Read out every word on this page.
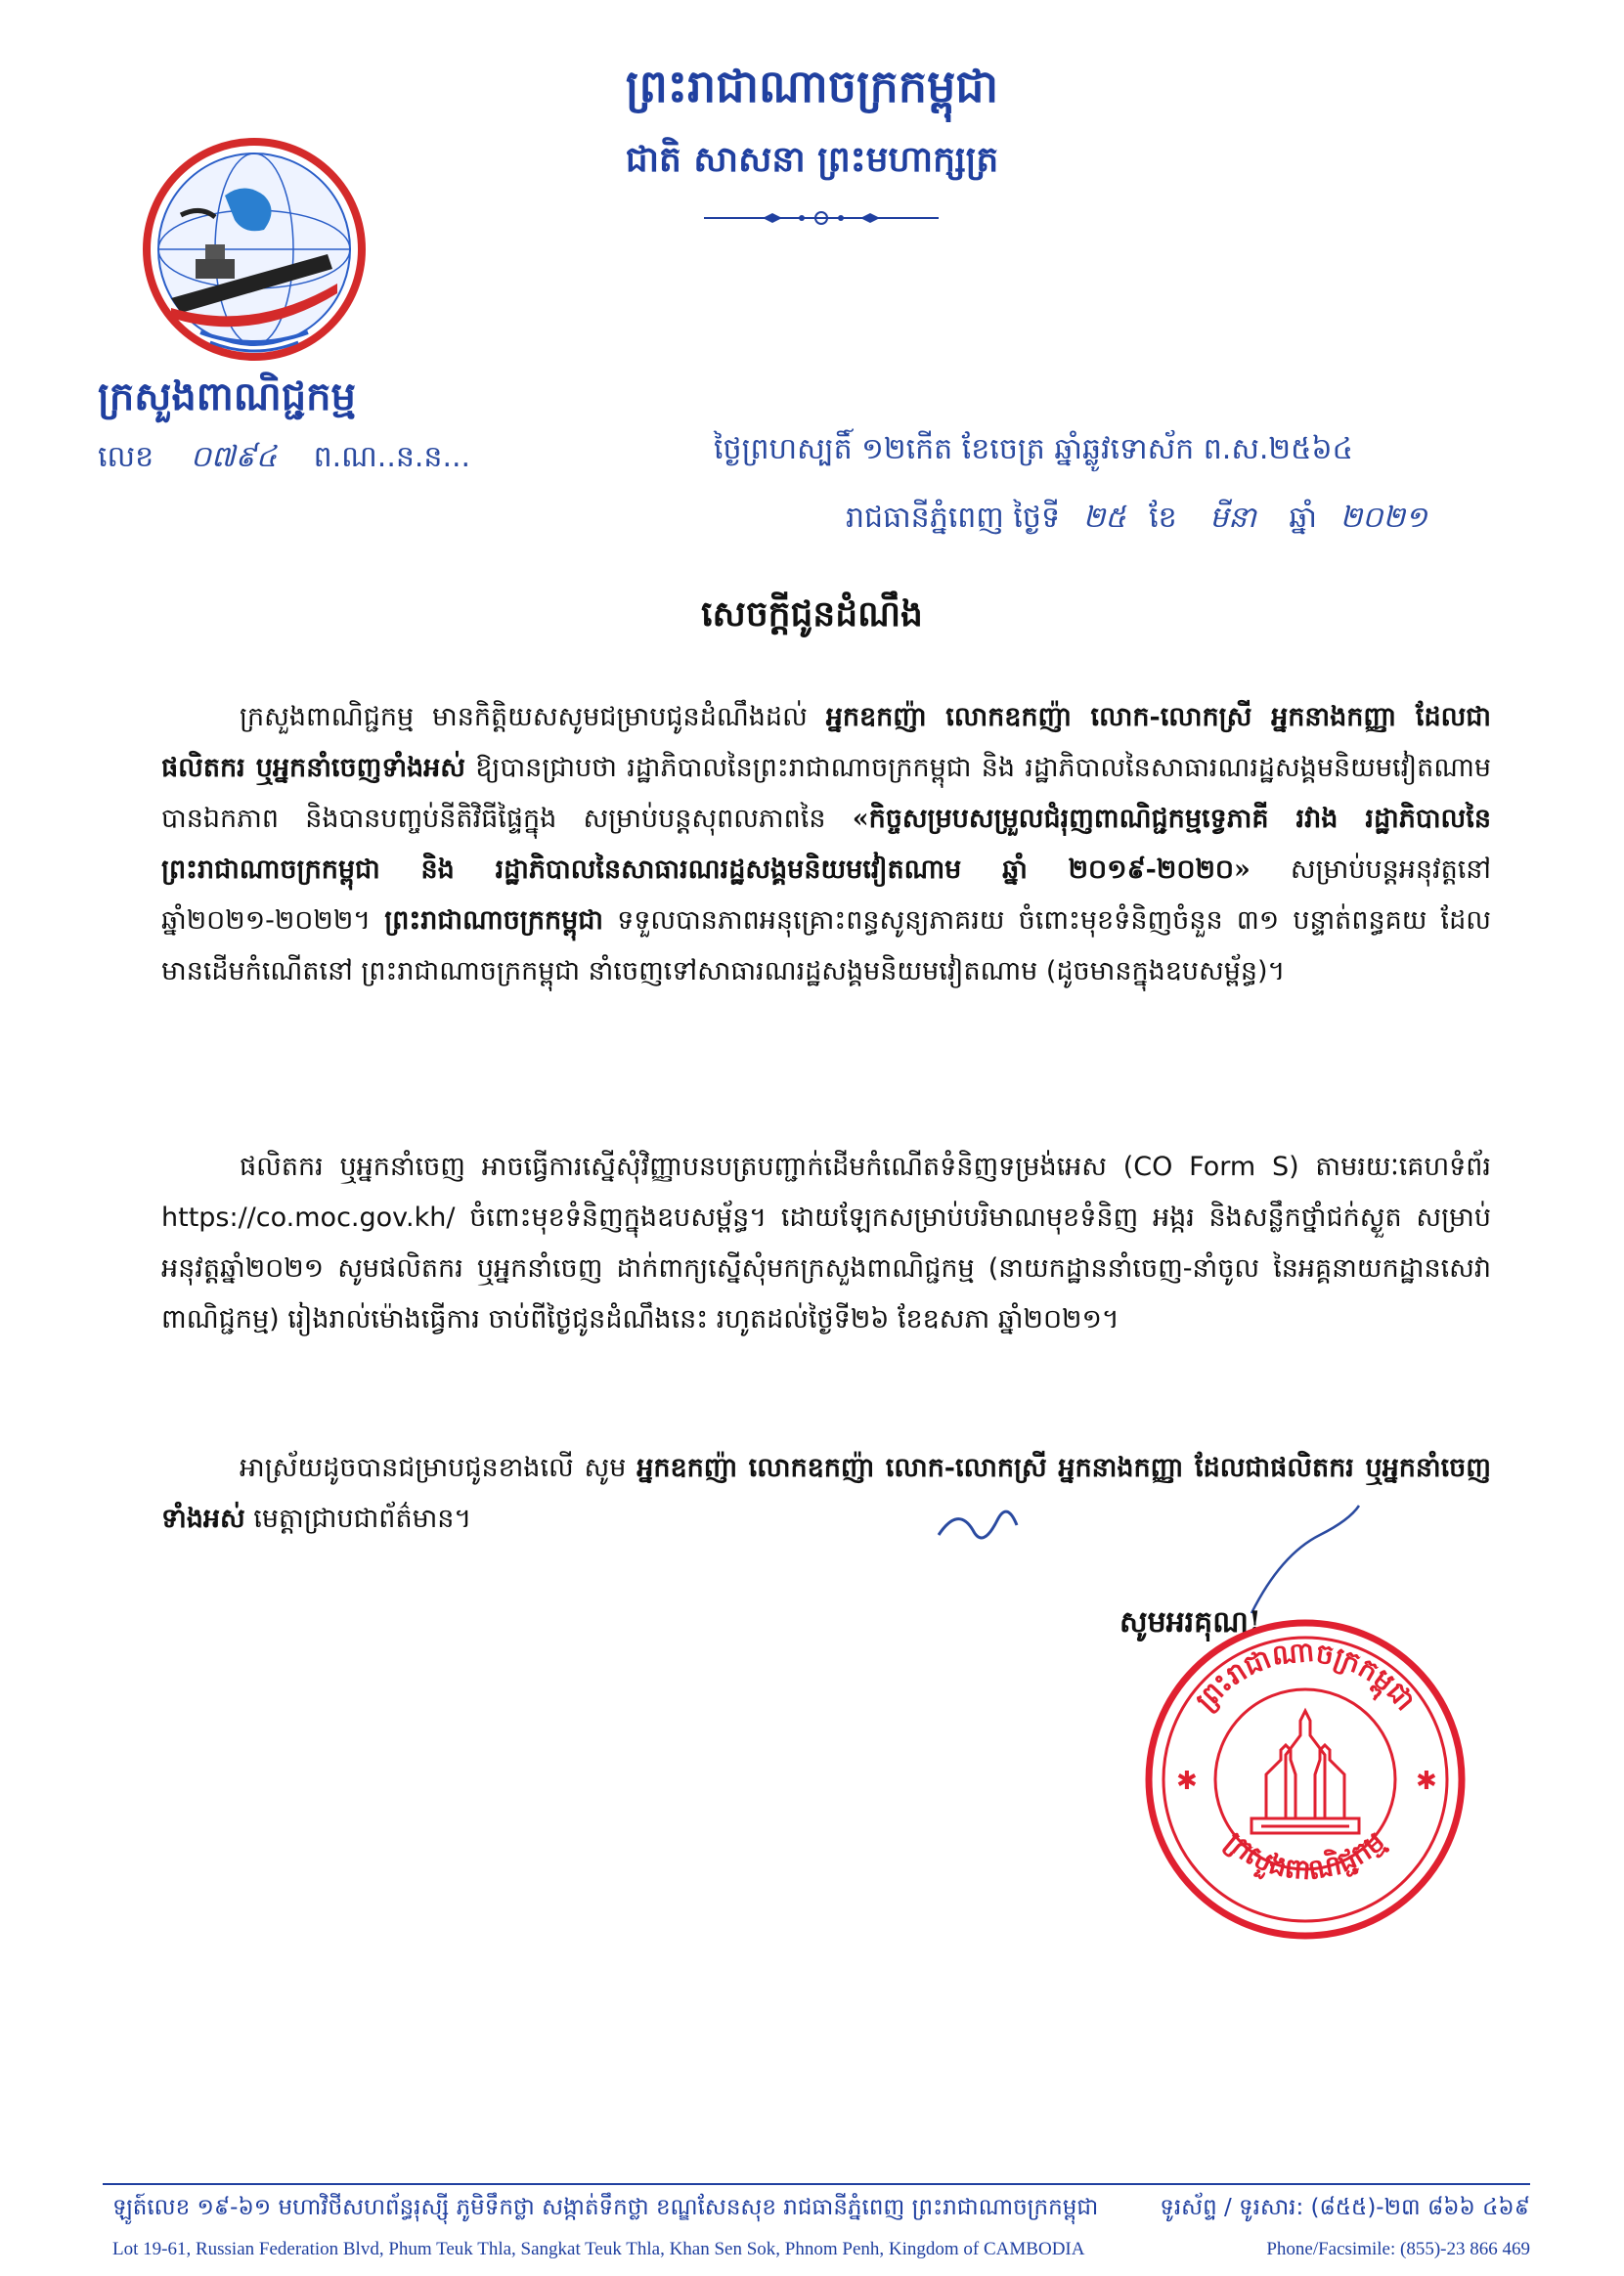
ព្រះរាជាណាចក្រកម្ពុជា
ជាតិ សាសនា ព្រះមហាក្សត្រ
ក្រសួងពាណិជ្ជកម្ម
លេខ ០៧៩៤ ព.ណ..ន.ន...	ថ្ងៃព្រហស្បតិ៍ ១២កើត ខែចេត្រ ឆ្នាំឆ្លូវទោស័ក ព.ស.២៥៦៤
រាជធានីភ្នំពេញ ថ្ងៃទី ២៥ ខែ មីនា ឆ្នាំ ២០២១
សេចក្តីជូនដំណឹង
ក្រសួងពាណិជ្ជកម្ម មានកិត្តិយសសូមជម្រាបជូនដំណឹងដល់ អ្នកឧកញ៉ា លោកឧកញ៉ា លោក-លោកស្រី អ្នកនាងកញ្ញា ដែលជាផលិតករ ឬអ្នកនាំចេញទាំងអស់ ឱ្យបានជ្រាបថា រដ្ឋាភិបាលនៃព្រះរាជាណាចក្រកម្ពុជា និង រដ្ឋាភិបាលនៃសាធារណរដ្ឋសង្គមនិយមវៀតណាម បានឯកភាព និងបានបញ្ចប់នីតិវិធីផ្ទៃក្នុង សម្រាប់បន្តសុពលភាពនៃ «កិច្ចសម្របសម្រួលជំរុញពាណិជ្ជកម្មទ្វេភាគី រវាង រដ្ឋាភិបាលនៃព្រះរាជាណាចក្រកម្ពុជា និង រដ្ឋាភិបាលនៃសាធារណរដ្ឋសង្គមនិយមវៀតណាម ឆ្នាំ ២០១៩-២០២០» សម្រាប់បន្តអនុវត្តនៅ ឆ្នាំ២០២១-២០២២។ ព្រះរាជាណាចក្រកម្ពុជា ទទួលបានភាពអនុគ្រោះពន្ធសូន្យភាគរយ ចំពោះមុខទំនិញចំនួន ៣១ បន្ទាត់ពន្ធគយ ដែលមានដើមកំណើតនៅ ព្រះរាជាណាចក្រកម្ពុជា នាំចេញទៅសាធារណរដ្ឋសង្គមនិយមវៀតណាម (ដូចមានក្នុងឧបសម្ព័ន្ធ)។
ផលិតករ ឬអ្នកនាំចេញ អាចធ្វើការស្នើសុំវិញ្ញាបនបត្របញ្ជាក់ដើមកំណើតទំនិញទម្រង់អេស (CO Form S) តាមរយៈគេហទំព័រ https://co.moc.gov.kh/ ចំពោះមុខទំនិញក្នុងឧបសម្ព័ន្ធ។ ដោយឡែកសម្រាប់បរិមាណមុខទំនិញ អង្ករ និងសន្លឹកថ្នាំជក់ស្ងួត សម្រាប់អនុវត្តឆ្នាំ២០២១ សូមផលិតករ ឬអ្នកនាំចេញ ដាក់ពាក្យស្នើសុំមកក្រសួងពាណិជ្ជកម្ម (នាយកដ្ឋាននាំចេញ-នាំចូល នៃអគ្គនាយកដ្ឋានសេវាពាណិជ្ជកម្ម) រៀងរាល់ម៉ោងធ្វើការ ចាប់ពីថ្ងៃជូនដំណឹងនេះ រហូតដល់ថ្ងៃទី២៦ ខែឧសភា ឆ្នាំ២០២១។
អាស្រ័យដូចបានជម្រាបជូនខាងលើ សូម អ្នកឧកញ៉ា លោកឧកញ៉ា លោក-លោកស្រី អ្នកនាងកញ្ញា ដែលជាផលិតករ ឬអ្នកនាំចេញទាំងអស់ មេត្តាជ្រាបជាព័ត៌មាន។
សូមអរគុណ!
ព្រះរាជាណាចក្រកម្ពុជា
ក្រសួងពាណិជ្ជកម្ម
✱	✱
ឡូត៍លេខ ១៩-៦១ មហាវិថីសហព័ន្ធរុស្ស៊ី ភូមិទឹកថ្លា សង្កាត់ទឹកថ្លា ខណ្ឌសែនសុខ រាជធានីភ្នំពេញ ព្រះរាជាណាចក្រកម្ពុជា	ទូរស័ព្ទ / ទូរសារ: (៨៥៥)-២៣ ៨៦៦ ៤៦៩
Lot 19-61, Russian Federation Blvd, Phum Teuk Thla, Sangkat Teuk Thla, Khan Sen Sok, Phnom Penh, Kingdom of CAMBODIA	Phone/Facsimile: (855)-23 866 469
